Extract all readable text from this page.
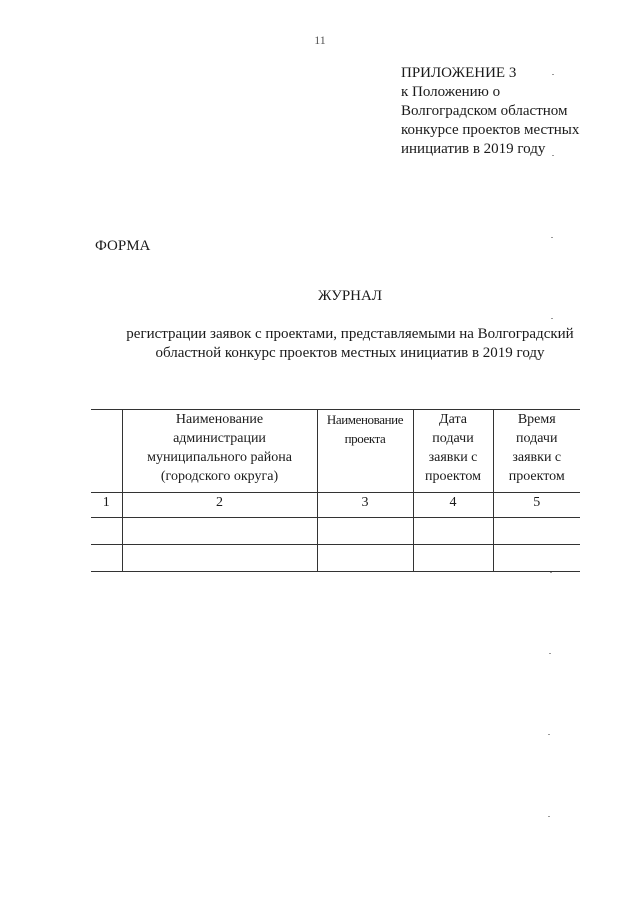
11
ПРИЛОЖЕНИЕ 3
к Положению о
Волгоградском областном
конкурсе проектов местных
инициатив в 2019 году
ФОРМА
ЖУРНАЛ
регистрации заявок с проектами, представляемыми на Волгоградский
областной конкурс проектов местных инициатив в 2019 году
	Наименование администрации муниципального района (городского округа)	Наименование проекта	Дата подачи заявки с проектом	Время подачи заявки с проектом
1	2	3	4	5
